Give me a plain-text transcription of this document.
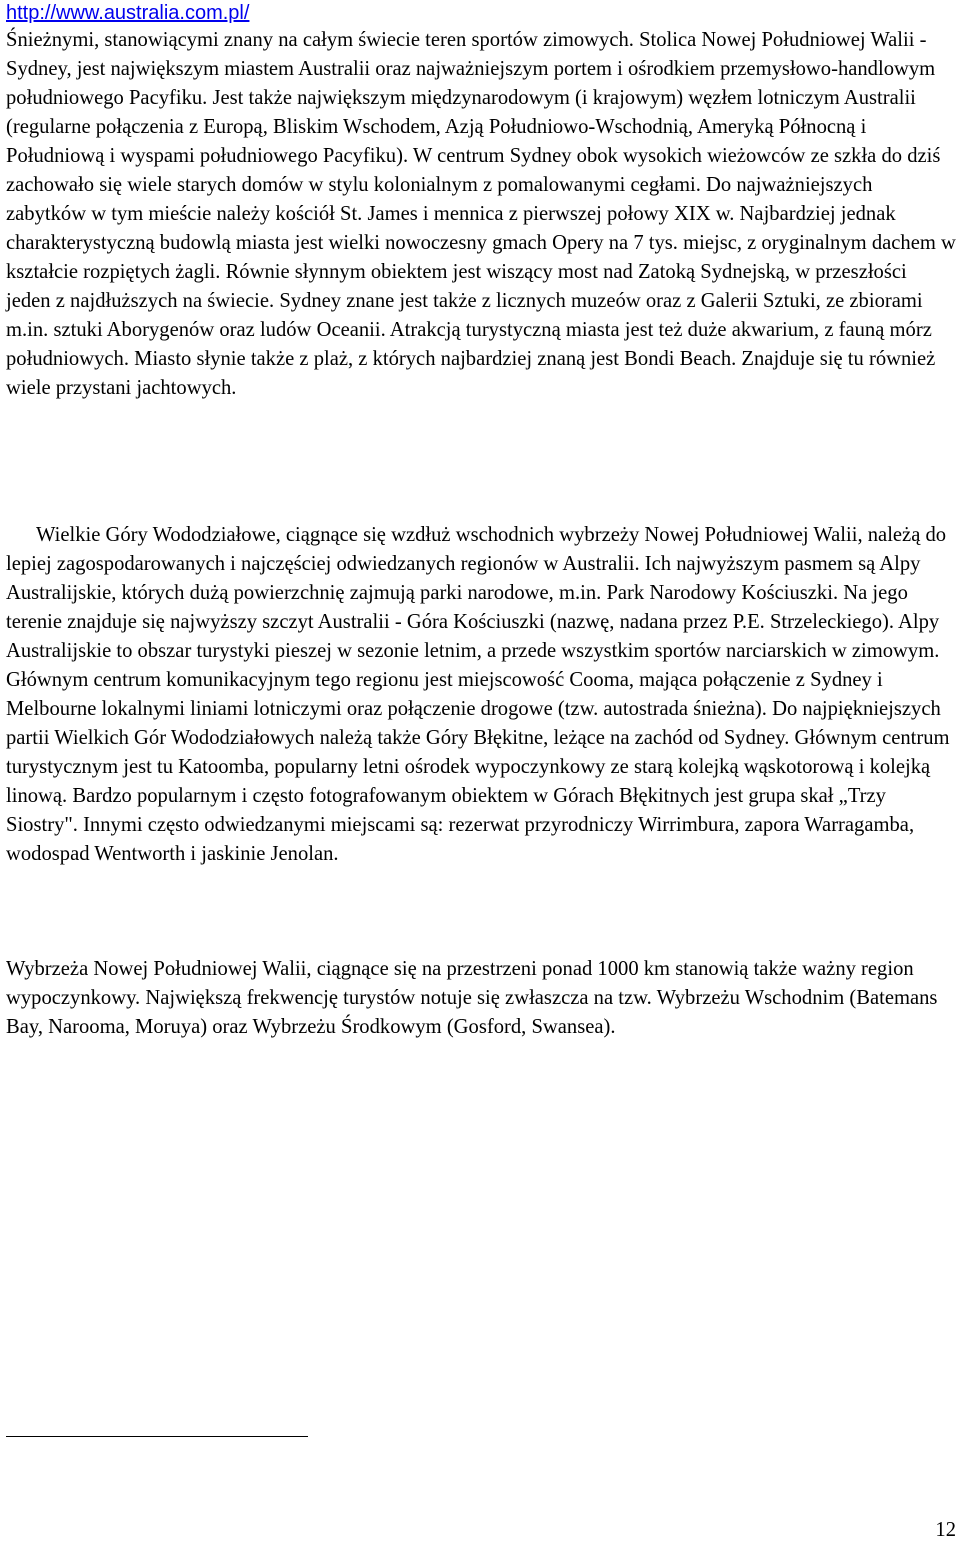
http://www.australia.com.pl/
Śnieżnymi, stanowiącymi znany na całym świecie teren sportów zimowych. Stolica Nowej Południowej Walii - Sydney, jest największym miastem Australii oraz najważniejszym portem i ośrodkiem przemysłowo-handlowym południowego Pacyfiku. Jest także największym międzynarodowym (i krajowym) węzłem lotniczym Australii (regularne połączenia z Europą, Bliskim Wschodem, Azją Południowo-Wschodnią, Ameryką Północną i Południową i wyspami południowego Pacyfiku). W centrum Sydney obok wysokich wieżowców ze szkła do dziś zachowało się wiele starych domów w stylu kolonialnym z pomalowanymi cegłami. Do najważniejszych zabytków w tym mieście należy kościół St. James i mennica z pierwszej połowy XIX w. Najbardziej jednak charakterystyczną budowlą miasta jest wielki nowoczesny gmach Opery na 7 tys. miejsc, z oryginalnym dachem w kształcie rozpiętych żagli. Równie słynnym obiektem jest wiszący most nad Zatoką Sydnejską, w przeszłości jeden z najdłuższych na świecie. Sydney znane jest także z licznych muzeów oraz z Galerii Sztuki, ze zbiorami m.in. sztuki Aborygenów oraz ludów Oceanii. Atrakcją turystyczną miasta jest też duże akwarium, z fauną mórz południowych. Miasto słynie także z plaż, z których najbardziej znaną jest Bondi Beach. Znajduje się tu również wiele przystani jachtowych.
Wielkie Góry Wododziałowe, ciągnące się wzdłuż wschodnich wybrzeży Nowej Południowej Walii, należą do lepiej zagospodarowanych i najczęściej odwiedzanych regionów w Australii. Ich najwyższym pasmem są Alpy Australijskie, których dużą powierzchnię zajmują parki narodowe, m.in. Park Narodowy Kościuszki. Na jego terenie znajduje się najwyższy szczyt Australii - Góra Kościuszki (nazwę, nadana przez P.E. Strzeleckiego). Alpy Australijskie to obszar turystyki pieszej w sezonie letnim, a przede wszystkim sportów narciarskich w zimowym. Głównym centrum komunikacyjnym tego regionu jest miejscowość Cooma, mająca połączenie z Sydney i Melbourne lokalnymi liniami lotniczymi oraz połączenie drogowe (tzw. autostrada śnieżna). Do najpiękniejszych partii Wielkich Gór Wododziałowych należą także Góry Błękitne, leżące na zachód od Sydney. Głównym centrum turystycznym jest tu Katoomba, popularny letni ośrodek wypoczynkowy ze starą kolejką wąskotorową i kolejką linową. Bardzo popularnym i często fotografowanym obiektem w Górach Błękitnych jest grupa skał „Trzy Siostry". Innymi często odwiedzanymi miejscami są: rezerwat przyrodniczy Wirrimbura, zapora Warragamba, wodospad Wentworth i jaskinie Jenolan.
Wybrzeża Nowej Południowej Walii, ciągnące się na przestrzeni ponad 1000 km stanowią także ważny region wypoczynkowy. Największą frekwencję turystów notuje się zwłaszcza na tzw. Wybrzeżu Wschodnim (Batemans Bay, Narooma, Moruya) oraz Wybrzeżu Środkowym (Gosford, Swansea).
12
